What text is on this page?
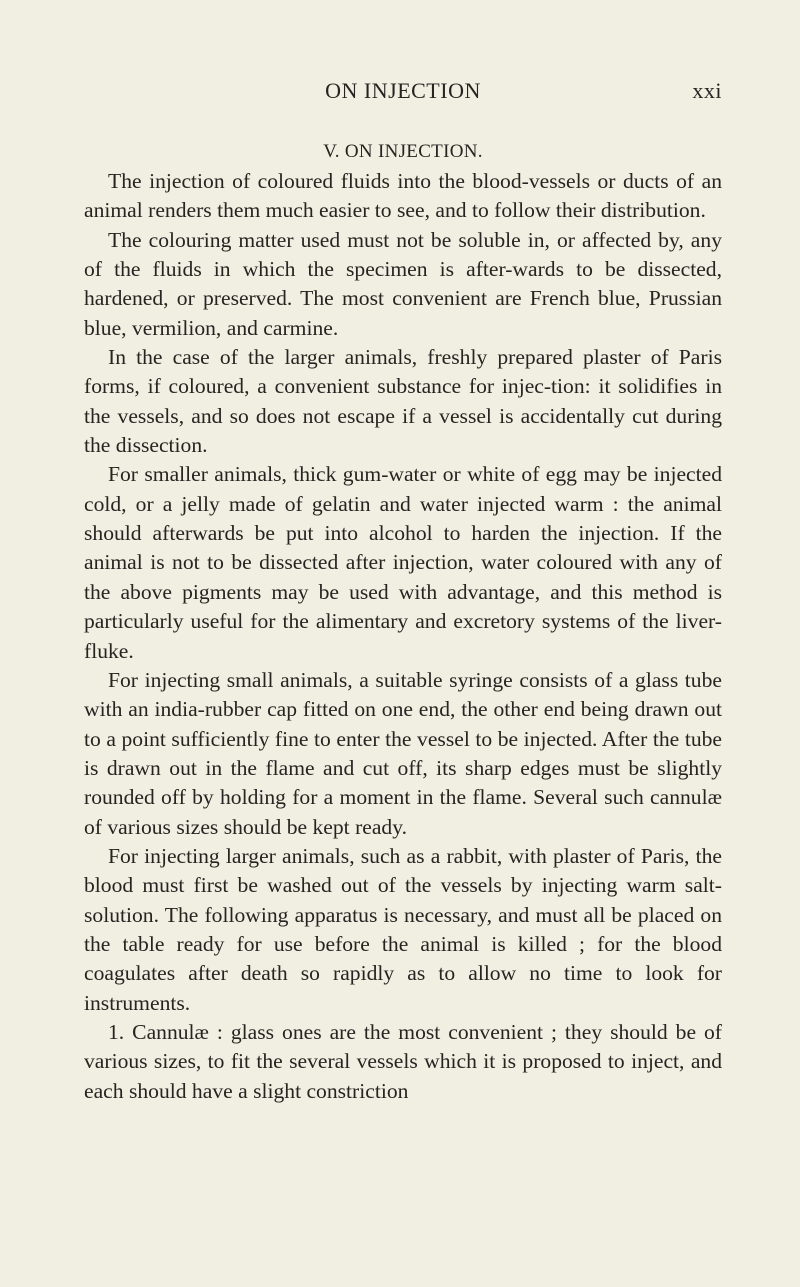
ON INJECTION	xxi
V. ON INJECTION.

The injection of coloured fluids into the blood-vessels or ducts of an animal renders them much easier to see, and to follow their distribution.

The colouring matter used must not be soluble in, or affected by, any of the fluids in which the specimen is after-wards to be dissected, hardened, or preserved. The most convenient are French blue, Prussian blue, vermilion, and carmine.

In the case of the larger animals, freshly prepared plaster of Paris forms, if coloured, a convenient substance for injec-tion: it solidifies in the vessels, and so does not escape if a vessel is accidentally cut during the dissection.

For smaller animals, thick gum-water or white of egg may be injected cold, or a jelly made of gelatin and water injected warm : the animal should afterwards be put into alcohol to harden the injection. If the animal is not to be dissected after injection, water coloured with any of the above pigments may be used with advantage, and this method is particularly useful for the alimentary and excretory systems of the liver-fluke.

For injecting small animals, a suitable syringe consists of a glass tube with an india-rubber cap fitted on one end, the other end being drawn out to a point sufficiently fine to enter the vessel to be injected. After the tube is drawn out in the flame and cut off, its sharp edges must be slightly rounded off by holding for a moment in the flame. Several such cannulæ of various sizes should be kept ready.

For injecting larger animals, such as a rabbit, with plaster of Paris, the blood must first be washed out of the vessels by injecting warm salt-solution. The following apparatus is necessary, and must all be placed on the table ready for use before the animal is killed ; for the blood coagulates after death so rapidly as to allow no time to look for instruments.

1. Cannulæ : glass ones are the most convenient ; they should be of various sizes, to fit the several vessels which it is proposed to inject, and each should have a slight constriction
